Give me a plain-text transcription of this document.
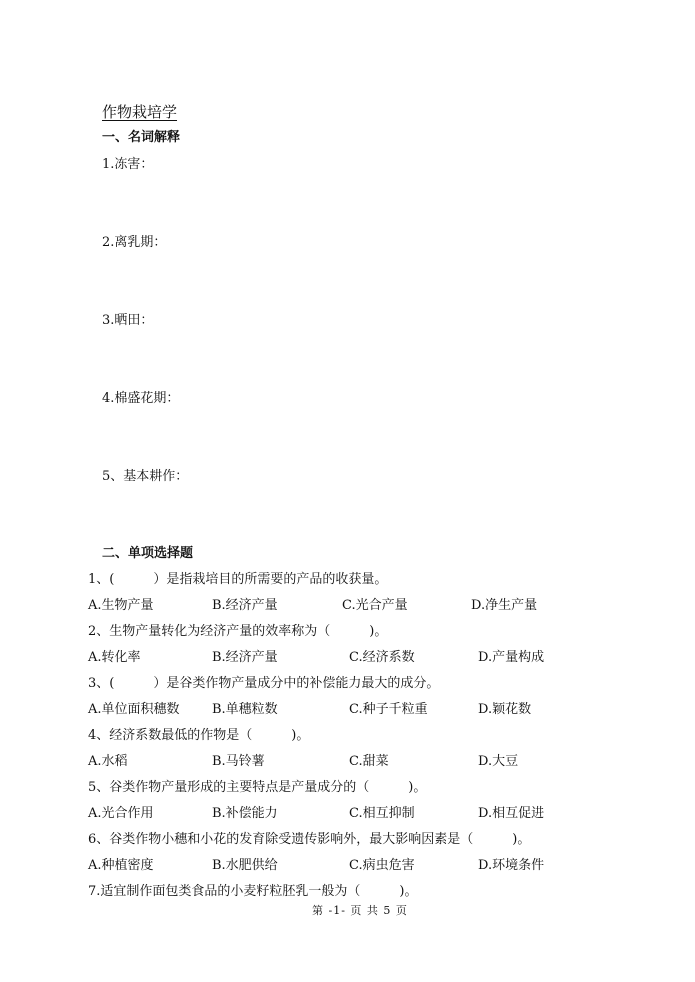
作物栽培学
一、名词解释
1.冻害：
2.离乳期：
3.晒田：
4.棉盛花期：
5、基本耕作：
二、单项选择题
1、(　　　）是指栽培目的所需要的产品的收获量。
A.生物产量	B.经济产量	C.光合产量	D.净生产量
2、生物产量转化为经济产量的效率称为（　　　)。
A.转化率	B.经济产量	C.经济系数	D.产量构成
3、(　　　）是谷类作物产量成分中的补偿能力最大的成分。
A.单位面积穗数 B.单穗粒数	C.种子千粒重	D.颖花数
4、经济系数最低的作物是（　　　)。
A.水稻	B.马铃薯	C.甜菜	D.大豆
5、谷类作物产量形成的主要特点是产量成分的（　　　)。
A.光合作用	B.补偿能力	C.相互抑制	D.相互促进
6、谷类作物小穗和小花的发育除受遗传影响外，最大影响因素是（　　　)。
A.种植密度	B.水肥供给	C.病虫危害	D.环境条件
7.适宜制作面包类食品的小麦籽粒胚乳一般为（　　　)。
第 -1- 页 共 5 页
